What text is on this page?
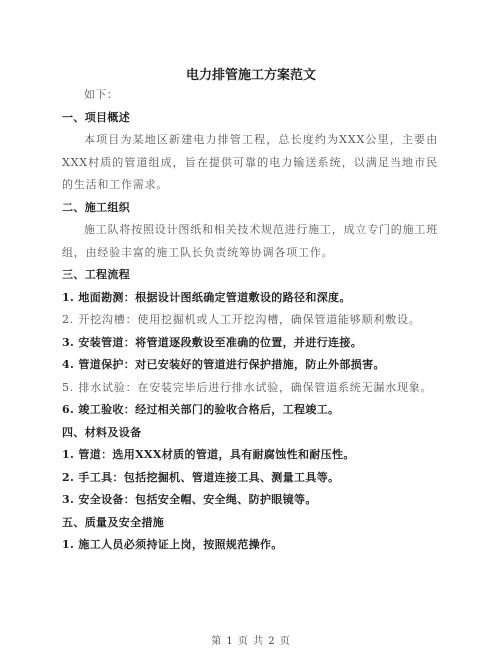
电力排管施工方案范文

如下：

一、项目概述

本项目为某地区新建电力排管工程，总长度约为XXX公里，主要由XXX村质的管道组成，旨在提供可靠的电力输送系统，以满足当地市民的生活和工作需求。

二、施工组织

施工队将按照设计图纸和相关技术规范进行施工，成立专门的施工班组，由经验丰富的施工队长负责统筹协调各项工作。

三、工程流程

1. 地面勘测：根据设计图纸确定管道敷设的路径和深度。

2. 开挖沟槽：使用挖掘机或人工开挖沟槽，确保管道能够顺利敷设。

3. 安装管道：将管道逐段敷设至准确的位置，并进行连接。

4. 管道保护：对已安装好的管道进行保护措施，防止外部损害。

5. 排水试验：在安装完毕后进行排水试验，确保管道系统无漏水现象。

6. 竣工验收：经过相关部门的验收合格后，工程竣工。

四、材料及设备

1. 管道：选用XXX材质的管道，具有耐腐蚀性和耐压性。

2. 手工具：包括挖掘机、管道连接工具、测量工具等。

3. 安全设备：包括安全帽、安全绳、防护眼镜等。

五、质量及安全措施

1. 施工人员必须持证上岗，按照规范操作。

第 1 页 共 2 页
